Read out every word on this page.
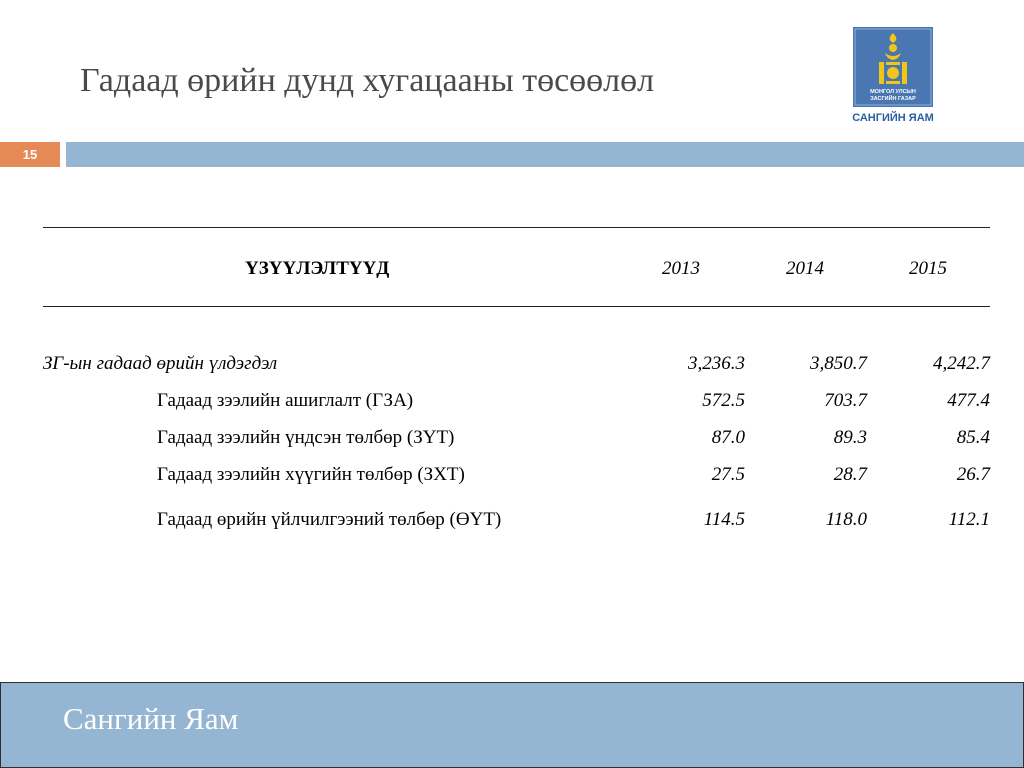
Гадаад өрийн дунд хугацааны төсөөлөл	МОНГОЛ УЛСЫН
ЗАСГИЙН ГАЗАР
САНГИЙН ЯАМ
15
ҮЗҮҮЛЭЛТҮҮД	2013	2014	2015
ЗГ-ын гадаад өрийн үлдэгдэл	3,236.3	3,850.7	4,242.7
Гадаад зээлийн ашиглалт (ГЗА)	572.5	703.7	477.4
Гадаад зээлийн үндсэн төлбөр (ЗҮТ)	87.0	89.3	85.4
Гадаад зээлийн хүүгийн төлбөр (ЗХТ)	27.5	28.7	26.7
Гадаад өрийн үйлчилгээний төлбөр (ӨҮТ)	114.5	118.0	112.1
Сангийн Яам
